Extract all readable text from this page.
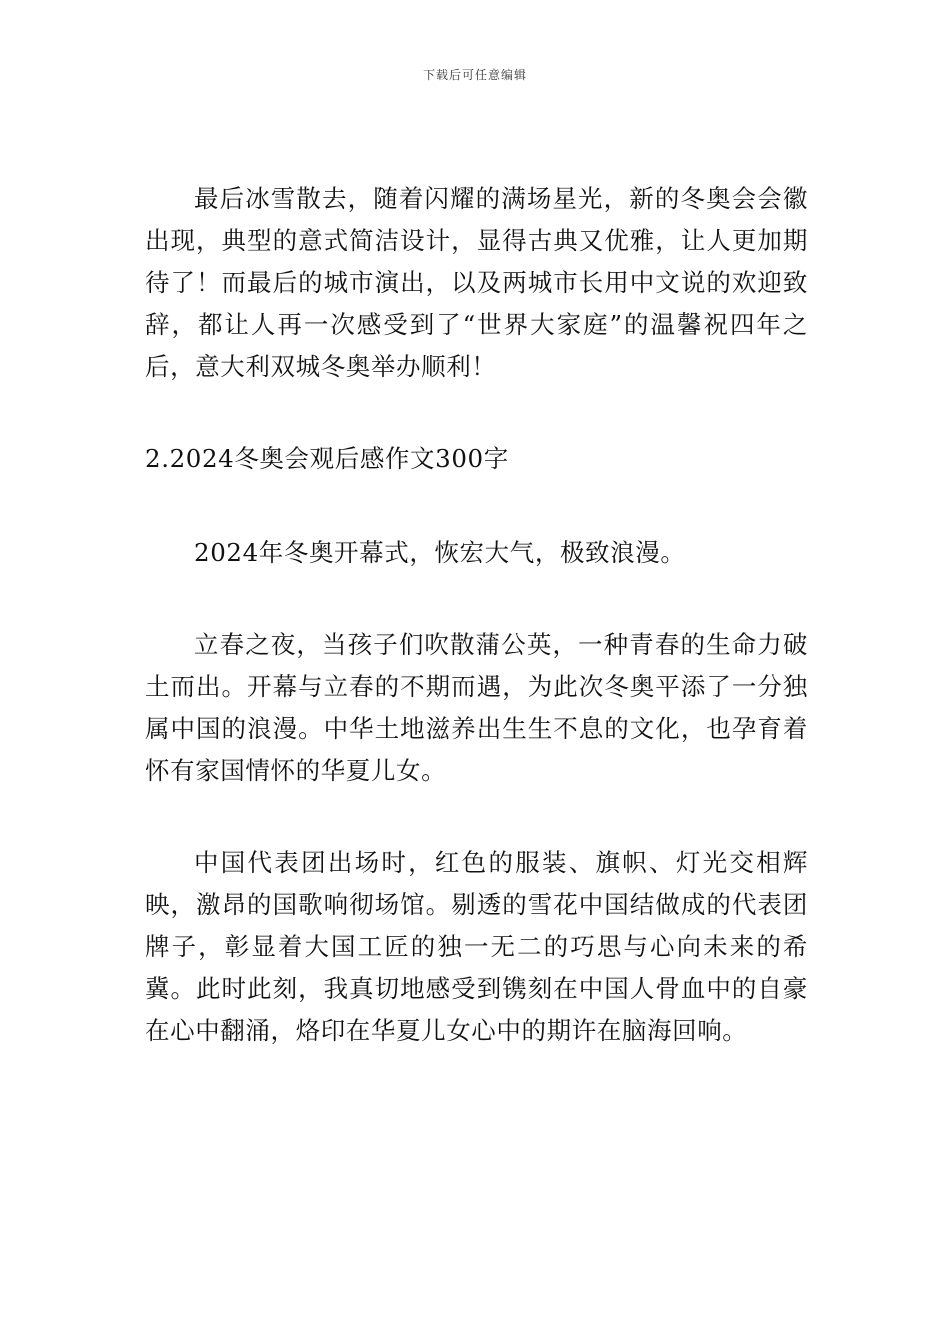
下载后可任意编辑

最后冰雪散去，随着闪耀的满场星光，新的冬奥会会徽出现，典型的意式简洁设计，显得古典又优雅，让人更加期待了！而最后的城市演出，以及两城市长用中文说的欢迎致辞，都让人再一次感受到了“世界大家庭”的温馨祝四年之后，意大利双城冬奥举办顺利！

2.2024冬奥会观后感作文300字

2024年冬奥开幕式，恢宏大气，极致浪漫。

立春之夜，当孩子们吹散蒲公英，一种青春的生命力破土而出。开幕与立春的不期而遇，为此次冬奥平添了一分独属中国的浪漫。中华土地滋养出生生不息的文化，也孕育着怀有家国情怀的华夏儿女。

中国代表团出场时，红色的服装、旗帜、灯光交相辉映，激昂的国歌响彻场馆。剔透的雪花中国结做成的代表团牌子，彰显着大国工匠的独一无二的巧思与心向未来的希冀。此时此刻，我真切地感受到镌刻在中国人骨血中的自豪在心中翻涌，烙印在华夏儿女心中的期许在脑海回响。
